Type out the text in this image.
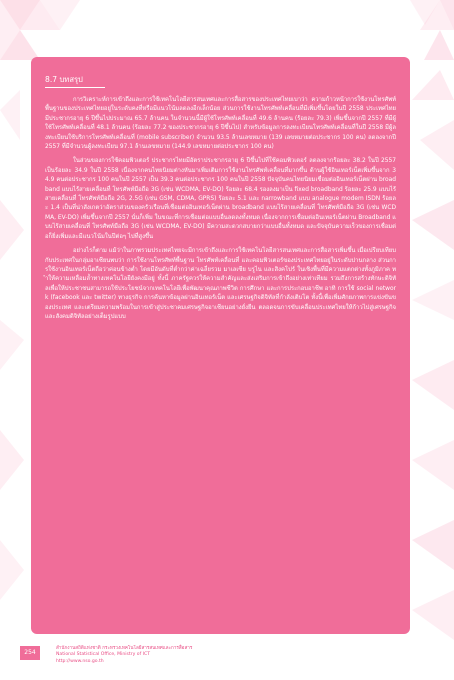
8.7 บทสรุป

การวิเคราะห์การเข้าถึงและการใช้เทคโนโลยีสารสนเทศและการสื่อสารของประเทศไทยเบาว่า ความก้าวหน้าการใช้งานโทรศัพท์พื้นฐานของประเทศไทยอยู่ในระดับคงที่หรือมีแนวโน้มลดลงอีกเล็กน้อย ส่วนการใช้งานโทรศัพท์เคลื่อนที่มีเพิ่มขึ้นโดยในปี 2558 ประเทศไทยมีประชากรอายุ 6 ปีขึ้นไปประมาณ 65.7 ล้านคน ในจำนวนนี้มีผู้ใช้โทรศัพท์เคลื่อนที่ 49.6 ล้านคน (ร้อยละ 79.3) เพิ่มขึ้นจากปี 2557 ที่มีผู้ใช้โทรศัพท์เคลื่อนที่ 48.1 ล้านคน (ร้อยละ 77.2 ของประชากรอายุ 6 ปีขึ้นไป) สำหรับข้อมูลการลงทะเบียนโทรศัพท์เคลื่อนที่ในปี 2558 มีผู้ลงทะเบียนใช้บริการโทรศัพท์เคลื่อนที่ (mobile subscriber) จำนวน 93.5 ล้านเลขหมาย (139 เลขหมายต่อประชากร 100 คน) ลดลงจากปี 2557 ที่มีจำนวนผู้ลงทะเบียน 97.1 ล้านเลขหมาย (144.9 เลขหมายต่อประชากร 100 คน)

ในส่วนของการใช้คอมพิวเตอร์ ประชากรไทยมีอัตราประชากรอายุ 6 ปีขึ้นไปที่ใช้คอมพิวเตอร์ ลดลงจากร้อยละ 38.2 ในปี 2557 เป็นร้อยละ 34.9 ในปี 2558 เนื่องจากคนไทยนิยมต่างหันมาเพิ่มเติมการใช้งานโทรศัพท์เคลื่อนที่มากขึ้น ด้านผู้ใช้อินเทอร์เน็ตเพิ่มขึ้นจาก 34.9 คนต่อประชากร 100 คนในปี 2557 เป็น 39.3 คนต่อประชากร 100 คนในปี 2558 ปัจจุบันคนไทยนิยมเชื่อมต่ออินเทอร์เน็ตผ่าน broadband แบบไร้สายเคลื่อนที่ โทรศัพท์มือถือ 3G (เช่น WCDMA, EV-DO) ร้อยละ 68.4 รองลงมาเป็น fixed broadband ร้อยละ 25.9 แบบไร้สายเคลื่อนที่ โทรศัพท์มือถือ 2G, 2.5G (เช่น GSM, CDMA, GPRS) ร้อยละ 5.1 และ narrowband แบบ analogue modem ISDN ร้อยละ 1.4 เป็นที่น่าสังเกตว่าอัตราส่วนของครัวเรือนที่เชื่อมต่ออินเทอร์เน็ตผ่าน broadband แบบไร้สายเคลื่อนที่ โทรศัพท์มือถือ 3G (เช่น WCDMA, EV-DO) เพิ่มขึ้นจากปี 2557 นั่นก็เพิ่ม ในขณะที่การเชื่อมต่อแบบอื่นลดลงทั้งหมด เนื่องจากการเชื่อมต่ออินเทอร์เน็ตผ่าน Broadband แบบไร้สายเคลื่อนที่ โทรศัพท์มือถือ 3G (เช่น WCDMA, EV-DO) มีความสะดวกสบายกว่าแบบอื่นทั้งหมด และปัจจุบันความเร็วของการเชื่อมต่อก็ยิ่งเพิ่มและมีแนวโน้มในปีต่อๆ ไปที่สูงขึ้น

อย่างไรก็ตาม แม้ว่าในภาพรวมประเทศไทยจะมีการเข้าถึงและการใช้เทคโนโลยีสารสนเทศและการสื่อสารเพิ่มขึ้น เมื่อเปรียบเทียบกับประเทศในกลุ่มอาเซียนพบว่า การใช้งานโทรศัพท์พื้นฐาน โทรศัพท์เคลื่อนที่ และคอมพิวเตอร์ของประเทศไทยอยู่ในระดับปานกลาง ส่วนการใช้งานอินเทอร์เน็ตถือว่าค่อนข้างต่ำ โดยมีอันดับที่ต่ำกว่าค่าเฉลี่ยรวม มาเลเซีย บรูไน และสิงคโปร์ ในเชิงพื้นที่มีความแตกต่างทั้งภูมิภาค ทำให้ความเหลื่อมล้ำทางเทคโนโลยียังคงมีอยู่ ทั้งนี้ ภาครัฐควรให้ความสำคัญและส่งเสริมการเข้าถึงอย่างเท่าเทียม รวมถึงการสร้างทักษะดิจิทัลเพื่อให้ประชาชนสามารถใช้ประโยชน์จากเทคโนโลยีเพื่อพัฒนาคุณภาพชีวิต การศึกษา และการประกอบอาชีพ อาทิ การใช้ social network (facebook และ twitter) ทางธุรกิจ การค้นหาข้อมูลผ่านอินเทอร์เน็ต และเศรษฐกิจดิจิทัลที่กำลังเติบโต ทั้งนี้เพื่อเพิ่มศักยภาพการแข่งขันของประเทศ และเตรียมความพร้อมในการเข้าสู่ประชาคมเศรษฐกิจอาเซียนอย่างยั่งยืน ตลอดจนการขับเคลื่อนประเทศไทยให้ก้าวไปสู่เศรษฐกิจและสังคมดิจิทัลอย่างเต็มรูปแบบ

254
สำนักงานสถิติแห่งชาติ กระทรวงเทคโนโลยีสารสนเทศและการสื่อสาร
National Statistical Office, Ministry of ICT
http://www.nso.go.th
